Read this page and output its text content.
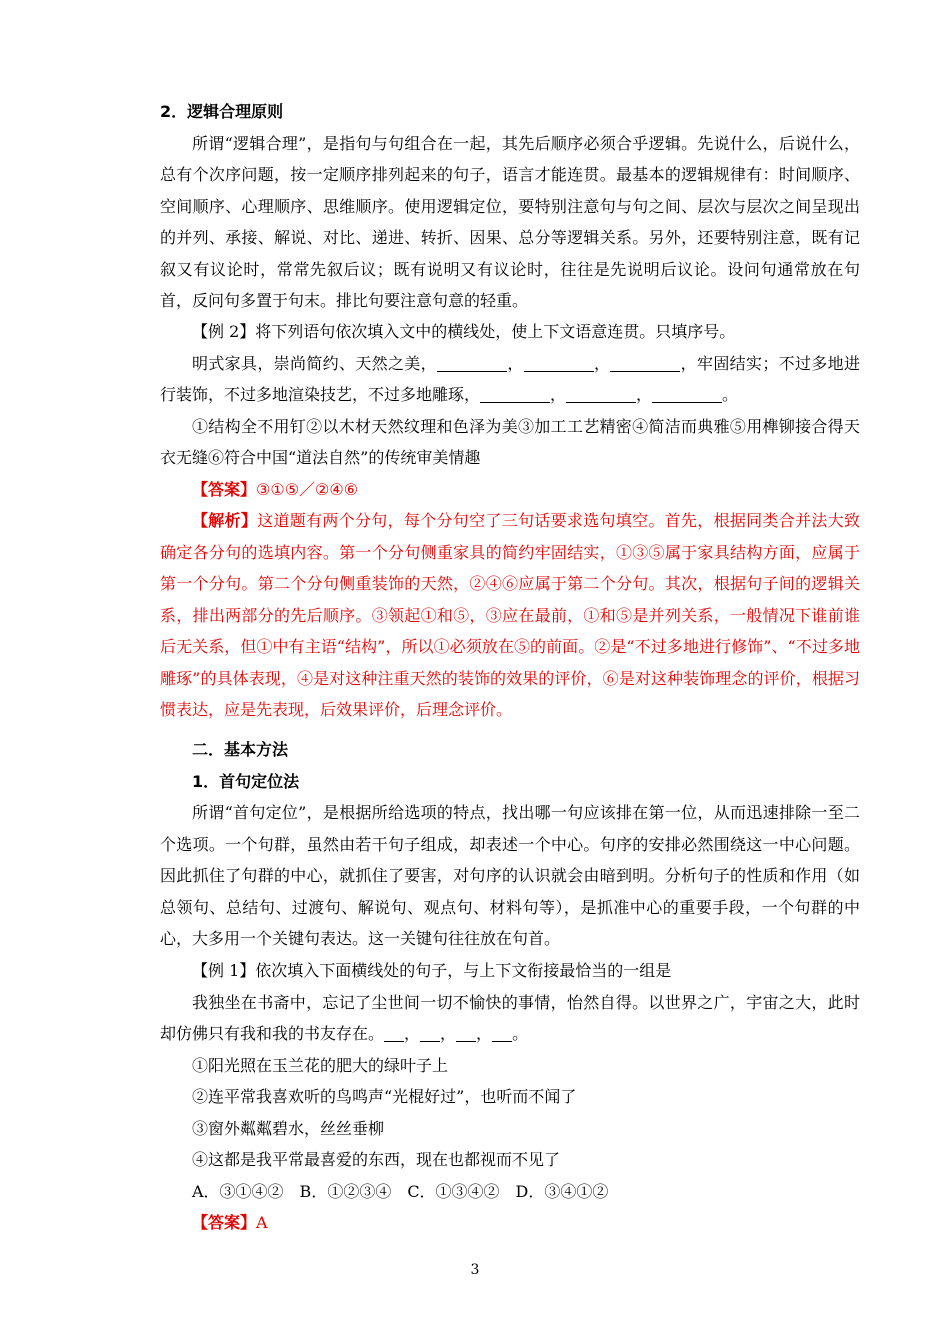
2．逻辑合理原则

所谓“逻辑合理”，是指句与句组合在一起，其先后顺序必须合乎逻辑。先说什么，后说什么，总有个次序问题，按一定顺序排列起来的句子，语言才能连贯。最基本的逻辑规律有：时间顺序、空间顺序、心理顺序、思维顺序。使用逻辑定位，要特别注意句与句之间、层次与层次之间呈现出的并列、承接、解说、对比、递进、转折、因果、总分等逻辑关系。另外，还要特别注意，既有记叙又有议论时，常常先叙后议；既有说明又有议论时，往往是先说明后议论。设问句通常放在句首，反问句多置于句末。排比句要注意句意的轻重。

【例 2】将下列语句依次填入文中的横线处，使上下文语意连贯。只填序号。

明式家具，崇尚简约、天然之美，	，	，	，牢固结实；不过多地进行装饰，不过多地渲染技艺，不过多地雕琢，	，	，	。

①结构全不用钉②以木材天然纹理和色泽为美③加工工艺精密④简洁而典雅⑤用榫铆接合得天衣无缝⑥符合中国“道法自然”的传统审美情趣

【答案】③①⑤／②④⑥

【解析】这道题有两个分句，每个分句空了三句话要求选句填空。首先，根据同类合并法大致确定各分句的选填内容。第一个分句侧重家具的简约牢固结实，①③⑤属于家具结构方面，应属于第一个分句。第二个分句侧重装饰的天然，②④⑥应属于第二个分句。其次，根据句子间的逻辑关系，排出两部分的先后顺序。③领起①和⑤，③应在最前，①和⑤是并列关系，一般情况下谁前谁后无关系，但①中有主语“结构”，所以①必须放在⑤的前面。②是“不过多地进行修饰”、“不过多地雕琢”的具体表现，④是对这种注重天然的装饰的效果的评价，⑥是对这种装饰理念的评价，根据习惯表达，应是先表现，后效果评价，后理念评价。

二．基本方法

1．首句定位法

所谓“首句定位”，是根据所给选项的特点，找出哪一句应该排在第一位，从而迅速排除一至二个选项。一个句群，虽然由若干句子组成，却表述一个中心。句序的安排必然围绕这一中心问题。因此抓住了句群的中心，就抓住了要害，对句序的认识就会由暗到明。分析句子的性质和作用（如总领句、总结句、过渡句、解说句、观点句、材料句等），是抓准中心的重要手段，一个句群的中心，大多用一个关键句表达。这一关键句往往放在句首。

【例 1】依次填入下面横线处的句子，与上下文衔接最恰当的一组是

我独坐在书斋中，忘记了尘世间一切不愉快的事情，怡然自得。以世界之广，宇宙之大，此时却仿佛只有我和我的书友存在。 ， ， ， 。

①阳光照在玉兰花的肥大的绿叶子上

②连平常我喜欢听的鸟鸣声“光棍好过”，也听而不闻了

③窗外粼粼碧水，丝丝垂柳

④这都是我平常最喜爱的东西，现在也都视而不见了

A．③①④②　B．①②③④　C．①③④②　D．③④①②

【答案】A

3
